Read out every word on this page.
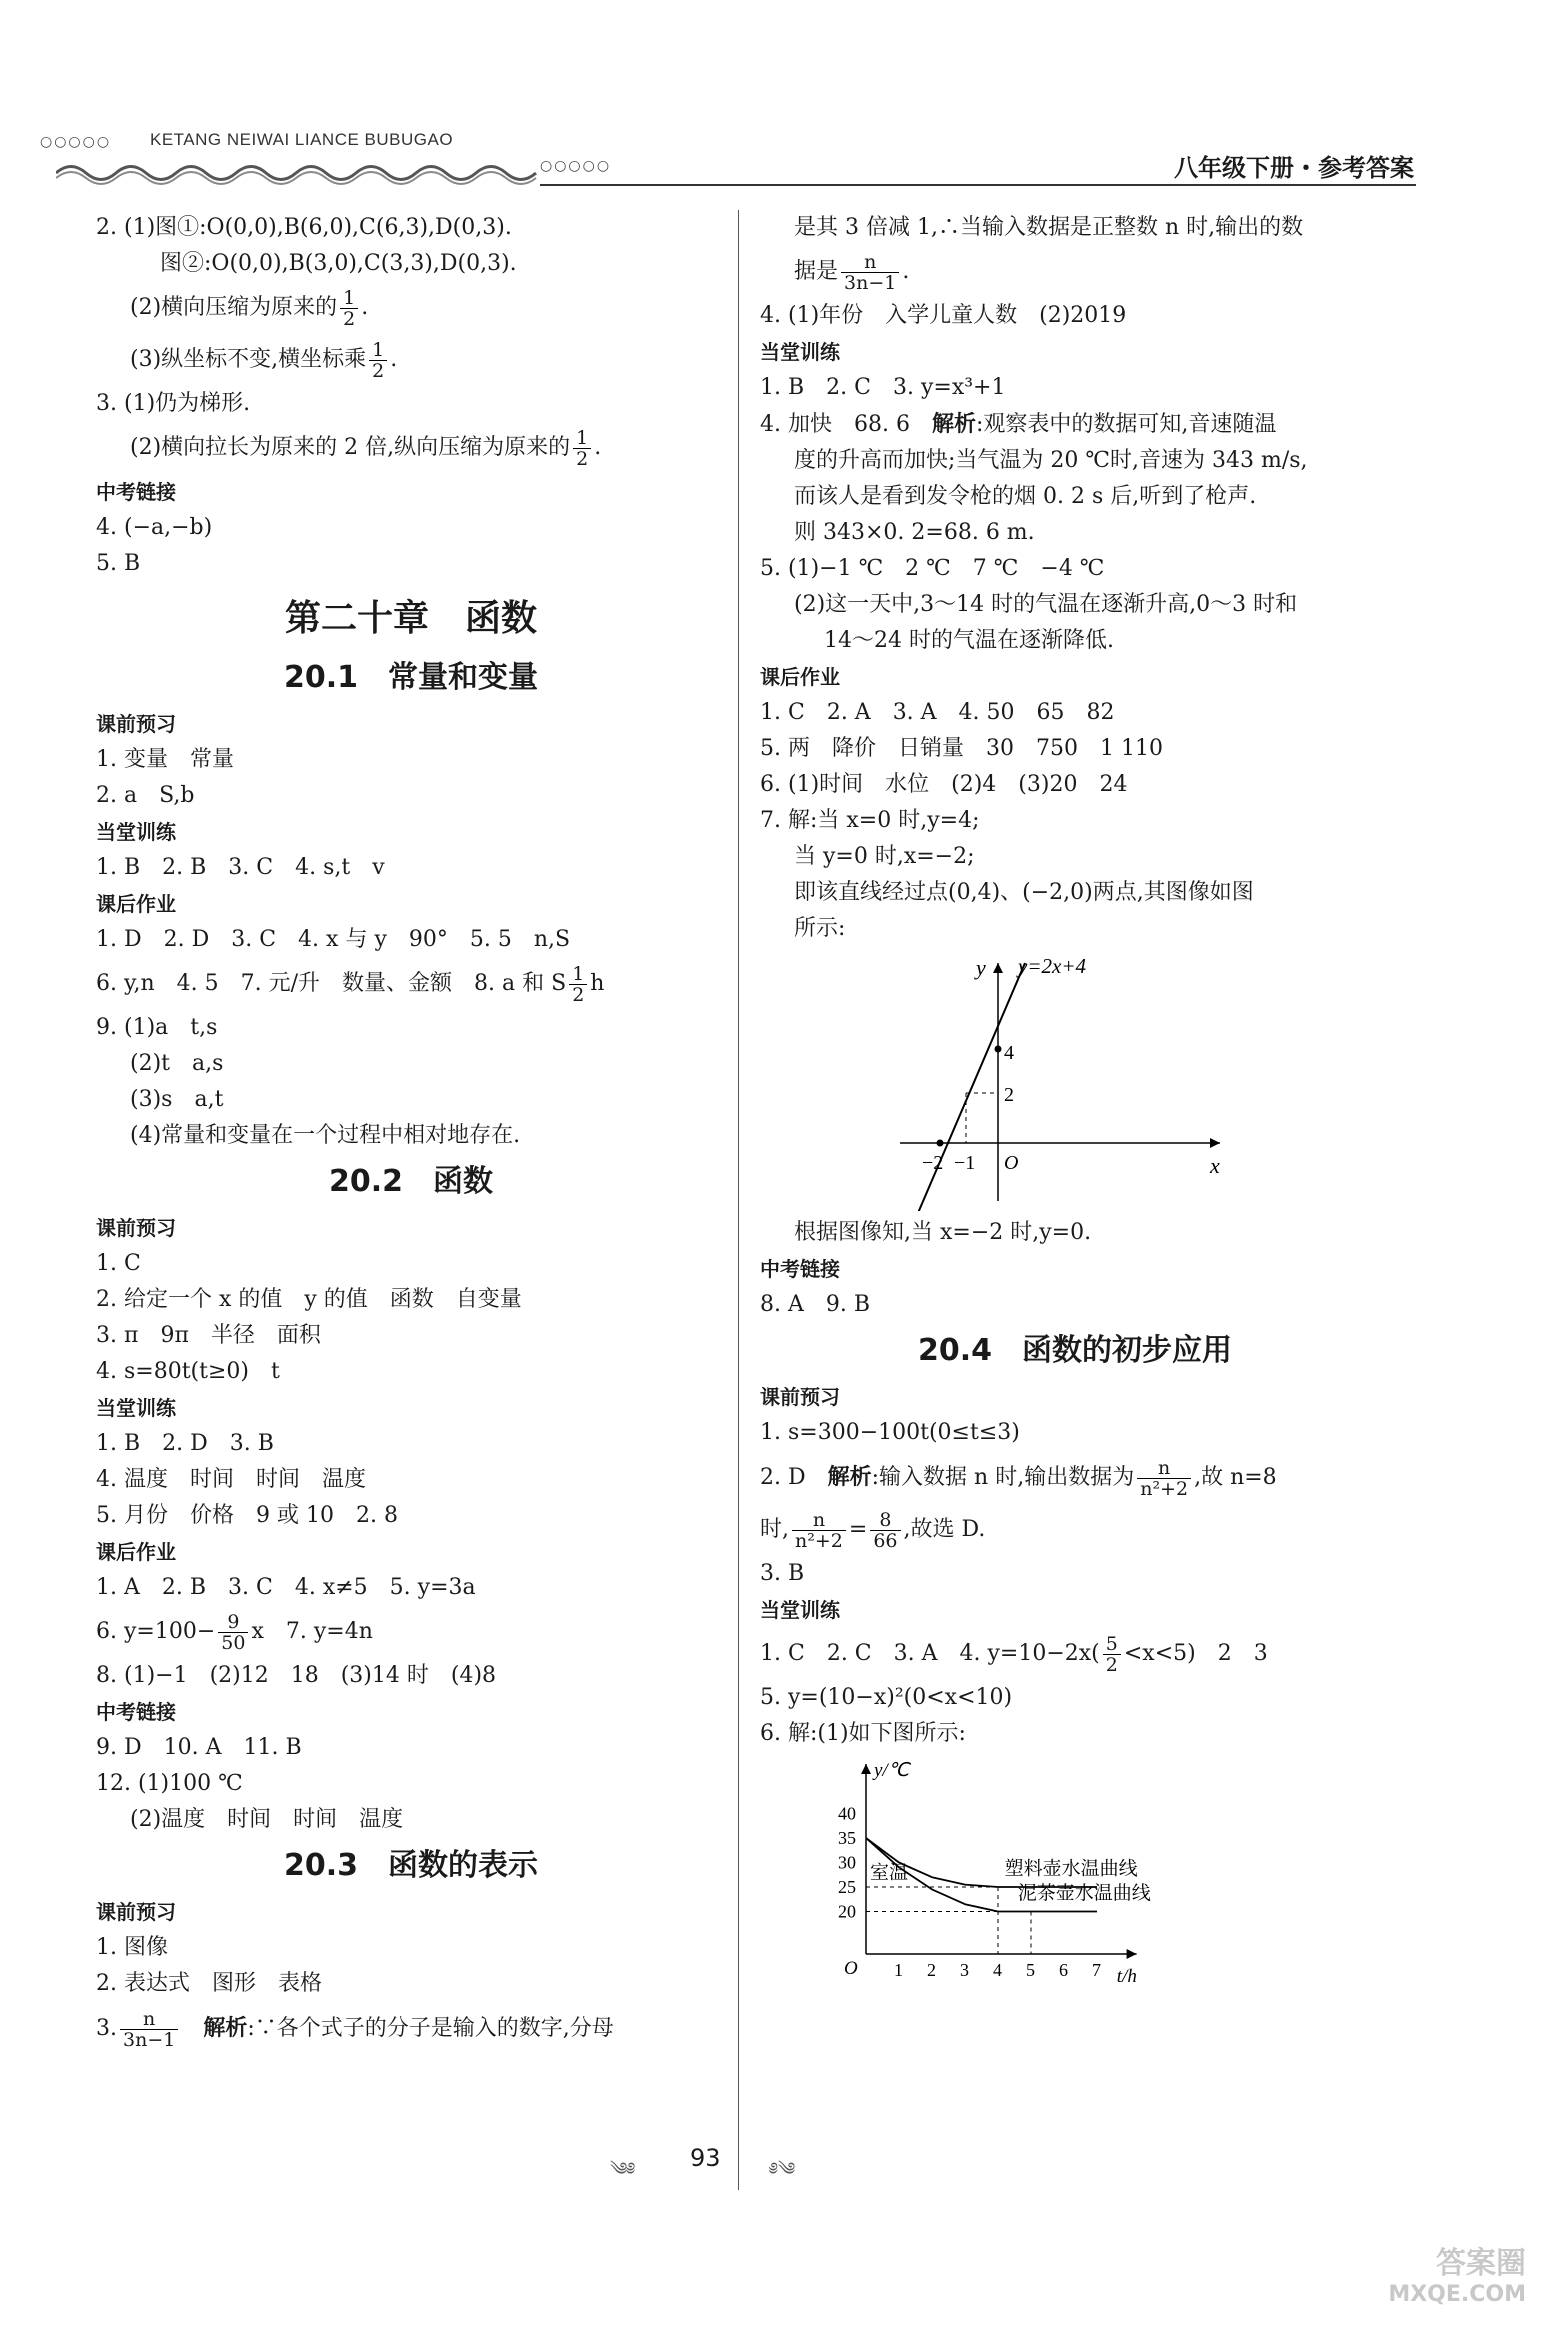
○○○○○ KETANG NEIWAI LIANCE BUBUGAO
○○○○○	八年级下册・参考答案

2. (1)图①:O(0,0),B(6,0),C(6,3),D(0,3).

图②:O(0,0),B(3,0),C(3,3),D(0,3).

(2)横向压缩为原来的 $\frac{1}{2}$ .

(3)纵坐标不变,横坐标乘 $\frac{1}{2}$ .

3. (1)仍为梯形.

(2)横向拉长为原来的 2 倍,纵向压缩为原来的 $\frac{1}{2}$ .

中考链接

4. (−a,−b)

5. B

第二十章　函数

20.1　常量和变量

课前预习

1. 变量　常量

2. a　S,b

当堂训练

1. B　2. B　3. C　4. s,t　v

课后作业

1. D　2. D　3. C　4. x 与 y　90°　5. 5　n,S

6. y,n　4. 5　7. 元/升　数量、金额　8. a 和 S $\frac{1}{2}$ h

9. (1)a　t,s

(2)t　a,s

(3)s　a,t

(4)常量和变量在一个过程中相对地存在.

20.2　函数

课前预习

1. C

2. 给定一个 x 的值　y 的值　函数　自变量

3. π　9π　半径　面积

4. s=80t(t≥0)　t

当堂训练

1. B　2. D　3. B

4. 温度　时间　时间　温度

5. 月份　价格　9 或 10　2. 8

课后作业

1. A　2. B　3. C　4. x≠5　5. y=3a

6. $y=100- \frac{9}{50}$ x　7. y=4n

8. (1)−1　(2)12　18　(3)14 时　(4)8

中考链接

9. D　10. A　11. B

12. (1)100 ℃

(2)温度　时间　时间　温度

20.3　函数的表示

课前预习

1. 图像

2. 表达式　图形　表格

3. $\frac{n}{3n-1}$
　 解析:∵各个式子的分子是输入的数字,分母

是其 3 倍减 1,∴当输入数据是正整数 n 时,输出的数

据是 $\frac{n}{3n-1}$ .

4. (1)年份　入学儿童人数　(2)2019

当堂训练

1. B　2. C　3. y=x³+1

4. 加快　68. 6　解析:观察表中的数据可知,音速随温

度的升高而加快;当气温为 20 ℃时,音速为 343 m/s,

而该人是看到发令枪的烟 0. 2 s 后,听到了枪声.

则 343×0. 2=68. 6 m.

5. (1)−1 ℃　2 ℃　7 ℃　−4 ℃

(2)这一天中,3～14 时的气温在逐渐升高,0～3 时和

14～24 时的气温在逐渐降低.

课后作业

1. C　2. A　3. A　4. 50　65　82

5. 两　降价　日销量　30　750　1 110

6. (1)时间　水位　(2)4　(3)20　24

7. 解:当 x=0 时,y=4;

当 y=0 时,x=−2;

即该直线经过点(0,4)、(−2,0)两点,其图像如图

所示:

y=2x+4
y
x
O
4
2
−2 −1

根据图像知,当 x=−2 时,y=0.

中考链接

8. A　9. B

20.4　函数的初步应用

课前预习

1. s=300−100t(0≤t≤3)

2. D　解析:输入数据 n 时,输出数据为 $\frac{n}{\text{n²+2}}$ ,故 n=8

时, $\frac{n}{\text{n²+2}} = \frac{8}{66}$ ,故选 D.

3. B

当堂训练

1. C　2. C　3. A　4. $y=10-2x( \frac{5}{2} <x<5)$　2　3

5. y=(10−x)²(0<x<10)

6. 解:(1)如下图所示:

1 2 3 4 5 6 7
20
25
30
35
40
塑料壶水温曲线
泥茶壶水温曲线
y/℃
t/h
O
室温
༄༅ 93	༅༄
答案圈
MXQE.COM
